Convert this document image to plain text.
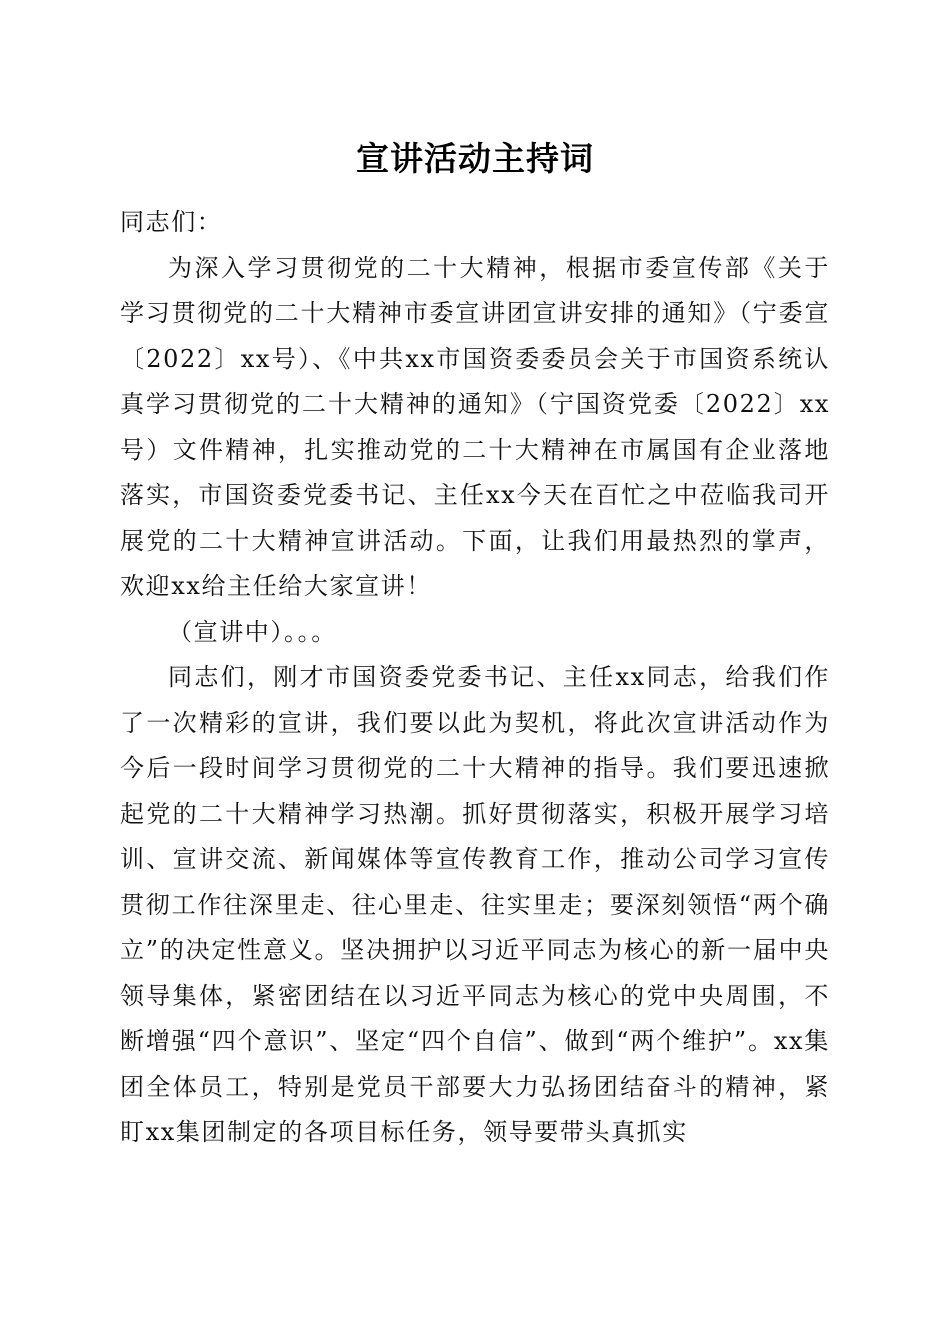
宣讲活动主持词

同志们：

为深入学习贯彻党的二十大精神，根据市委宣传部《关于学习贯彻党的二十大精神市委宣讲团宣讲安排的通知》（宁委宣〔2022〕xx号）、《中共xx市国资委委员会关于市国资系统认真学习贯彻党的二十大精神的通知》（宁国资党委〔2022〕xx号）文件精神，扎实推动党的二十大精神在市属国有企业落地落实，市国资委党委书记、主任xx今天在百忙之中莅临我司开展党的二十大精神宣讲活动。下面，让我们用最热烈的掌声，欢迎xx给主任给大家宣讲！

（宣讲中）。。。

同志们，刚才市国资委党委书记、主任xx同志，给我们作了一次精彩的宣讲，我们要以此为契机，将此次宣讲活动作为今后一段时间学习贯彻党的二十大精神的指导。我们要迅速掀起党的二十大精神学习热潮。抓好贯彻落实，积极开展学习培训、宣讲交流、新闻媒体等宣传教育工作，推动公司学习宣传贯彻工作往深里走、往心里走、往实里走；要深刻领悟“两个确立”的决定性意义。坚决拥护以习近平同志为核心的新一届中央领导集体，紧密团结在以习近平同志为核心的党中央周围，不断增强“四个意识”、坚定“四个自信”、做到“两个维护”。xx集团全体员工，特别是党员干部要大力弘扬团结奋斗的精神，紧盯xx集团制定的各项目标任务，领导要带头真抓实
